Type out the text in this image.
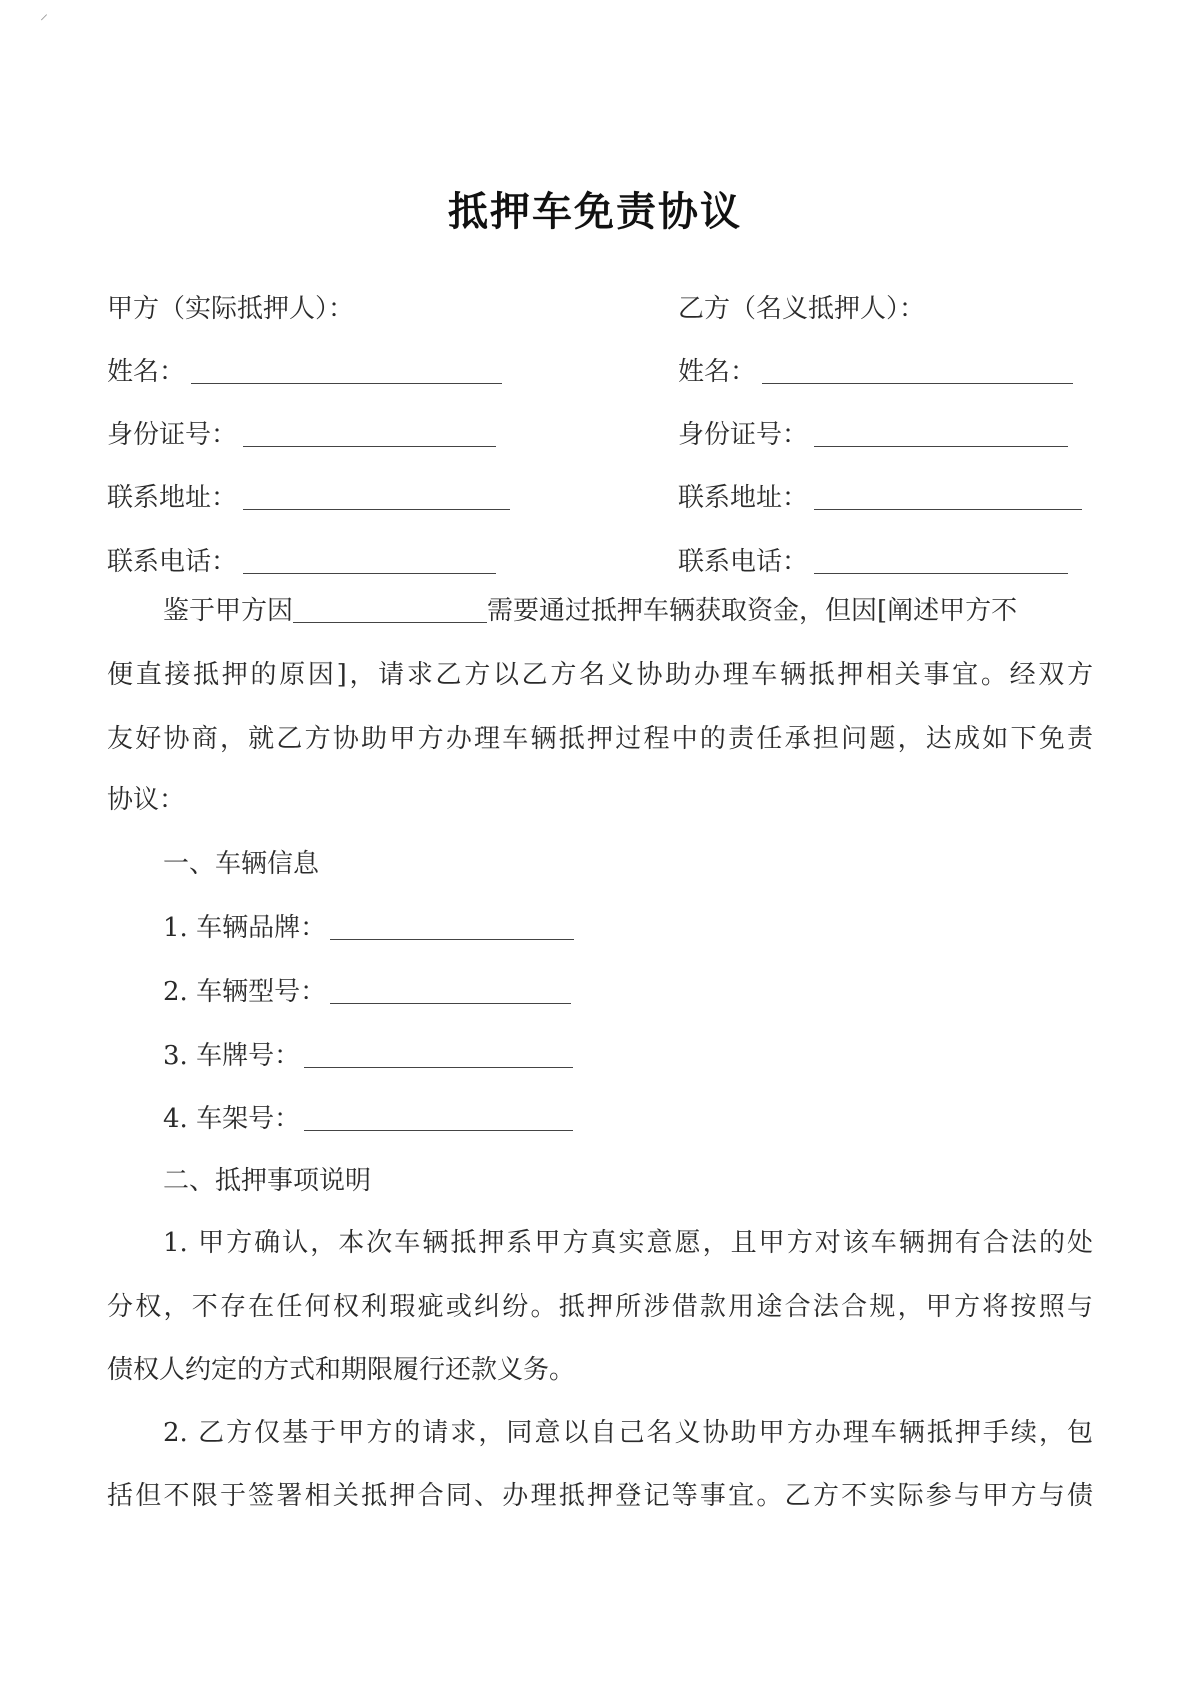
⸝
抵押车免责协议
甲方（实际抵押人）：	乙方（名义抵押人）：
姓名：	姓名：
身份证号：	身份证号：
联系地址：	联系地址：
联系电话：	联系电话：
鉴于甲方因	需要通过抵押车辆获取资金，但因[阐述甲方不
便直接抵押的原因]，请求乙方以乙方名义协助办理车辆抵押相关事宜。经双方
友好协商，就乙方协助甲方办理车辆抵押过程中的责任承担问题，达成如下免责
协议：
一、车辆信息
1. 车辆品牌：
2. 车辆型号：
3. 车牌号：
4. 车架号：
二、抵押事项说明
1. 甲方确认，本次车辆抵押系甲方真实意愿，且甲方对该车辆拥有合法的处
分权，不存在任何权利瑕疵或纠纷。抵押所涉借款用途合法合规，甲方将按照与
债权人约定的方式和期限履行还款义务。
2. 乙方仅基于甲方的请求，同意以自己名义协助甲方办理车辆抵押手续，包
括但不限于签署相关抵押合同、办理抵押登记等事宜。乙方不实际参与甲方与债
